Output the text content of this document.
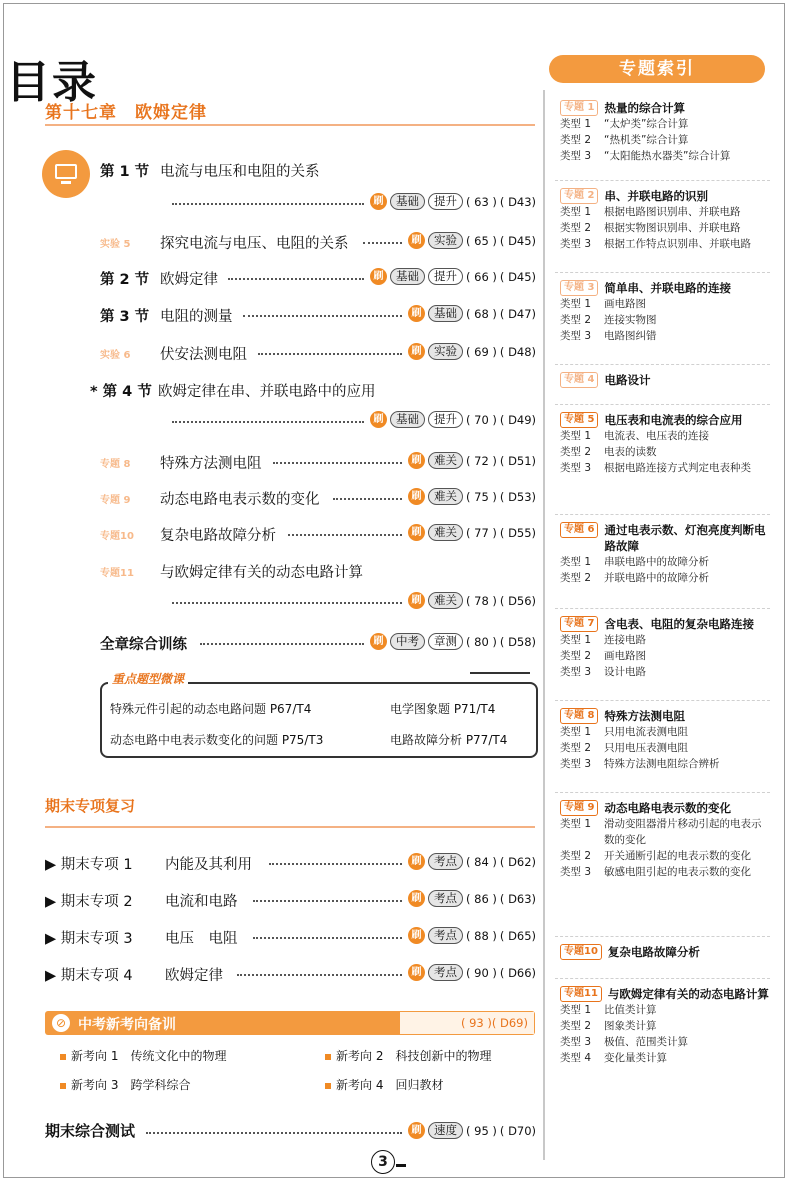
目录
第十七章　欧姆定律
第 1 节 电流与电压和电阻的关系
刷	基础	提升 ( 63 ) ( D43)
实验 5 探究电流与电压、电阻的关系	刷	实验 ( 65 ) ( D45)
第 2 节 欧姆定律	刷	基础	提升 ( 66 ) ( D45)
第 3 节 电阻的测量	刷	基础 ( 68 ) ( D47)
实验 6 伏安法测电阻	刷	实验 ( 69 ) ( D48)
* 第 4 节 欧姆定律在串、并联电路中的应用
刷	基础	提升 ( 70 ) ( D49)
专题 8 特殊方法测电阻	刷	难关 ( 72 ) ( D51)
专题 9 动态电路电表示数的变化	刷	难关 ( 75 ) ( D53)
专题10 复杂电路故障分析	刷	难关 ( 77 ) ( D55)
专题11 与欧姆定律有关的动态电路计算
刷	难关 ( 78 ) ( D56)
全章综合训练	刷	中考	章测 ( 80 ) ( D58)
重点题型微课
特殊元件引起的动态电路问题 P67/T4	电学图象题 P71/T4
动态电路中电表示数变化的问题 P75/T3	电路故障分析 P77/T4
期末专项复习
▶ 期末专项 1 内能及其利用	刷	考点 ( 84 ) ( D62)
▶ 期末专项 2 电流和电路	刷	考点 ( 86 ) ( D63)
▶ 期末专项 3 电压　电阻	刷	考点 ( 88 ) ( D65)
▶ 期末专项 4 欧姆定律	刷	考点 ( 90 ) ( D66)
⊘ 中考新考向备训	( 93 )( D69)
新考向 1　传统文化中的物理	新考向 2　科技创新中的物理
新考向 3　跨学科综合	新考向 4　回归教材
期末综合测试	刷	速度 ( 95 ) ( D70)
3
专题索引
专题 1 热量的综合计算
类型 1	“太炉类”综合计算
类型 2	“热机类”综合计算
类型 3	“太阳能热水器类”综合计算
专题 2 串、并联电路的识别
类型 1	根据电路图识别串、并联电路
类型 2	根据实物图识别串、并联电路
类型 3	根据工作特点识别串、并联电路
专题 3 简单串、并联电路的连接
类型 1	画电路图
类型 2	连接实物图
类型 3	电路图纠错
专题 4 电路设计
专题 5 电压表和电流表的综合应用
类型 1	电流表、电压表的连接
类型 2	电表的读数
类型 3	根据电路连接方式判定电表种类
专题 6 通过电表示数、灯泡亮度判断电路故障
类型 1	串联电路中的故障分析
类型 2	并联电路中的故障分析
专题 7 含电表、电阻的复杂电路连接
类型 1	连接电路
类型 2	画电路图
类型 3	设计电路
专题 8 特殊方法测电阻
类型 1	只用电流表测电阻
类型 2	只用电压表测电阻
类型 3	特殊方法测电阻综合辨析
专题 9 动态电路电表示数的变化
类型 1	滑动变阻器滑片移动引起的电表示数的变化
类型 2	开关通断引起的电表示数的变化
类型 3	敏感电阻引起的电表示数的变化
专题10 复杂电路故障分析
专题11 与欧姆定律有关的动态电路计算
类型 1	比值类计算
类型 2	图象类计算
类型 3	极值、范围类计算
类型 4	变化量类计算
